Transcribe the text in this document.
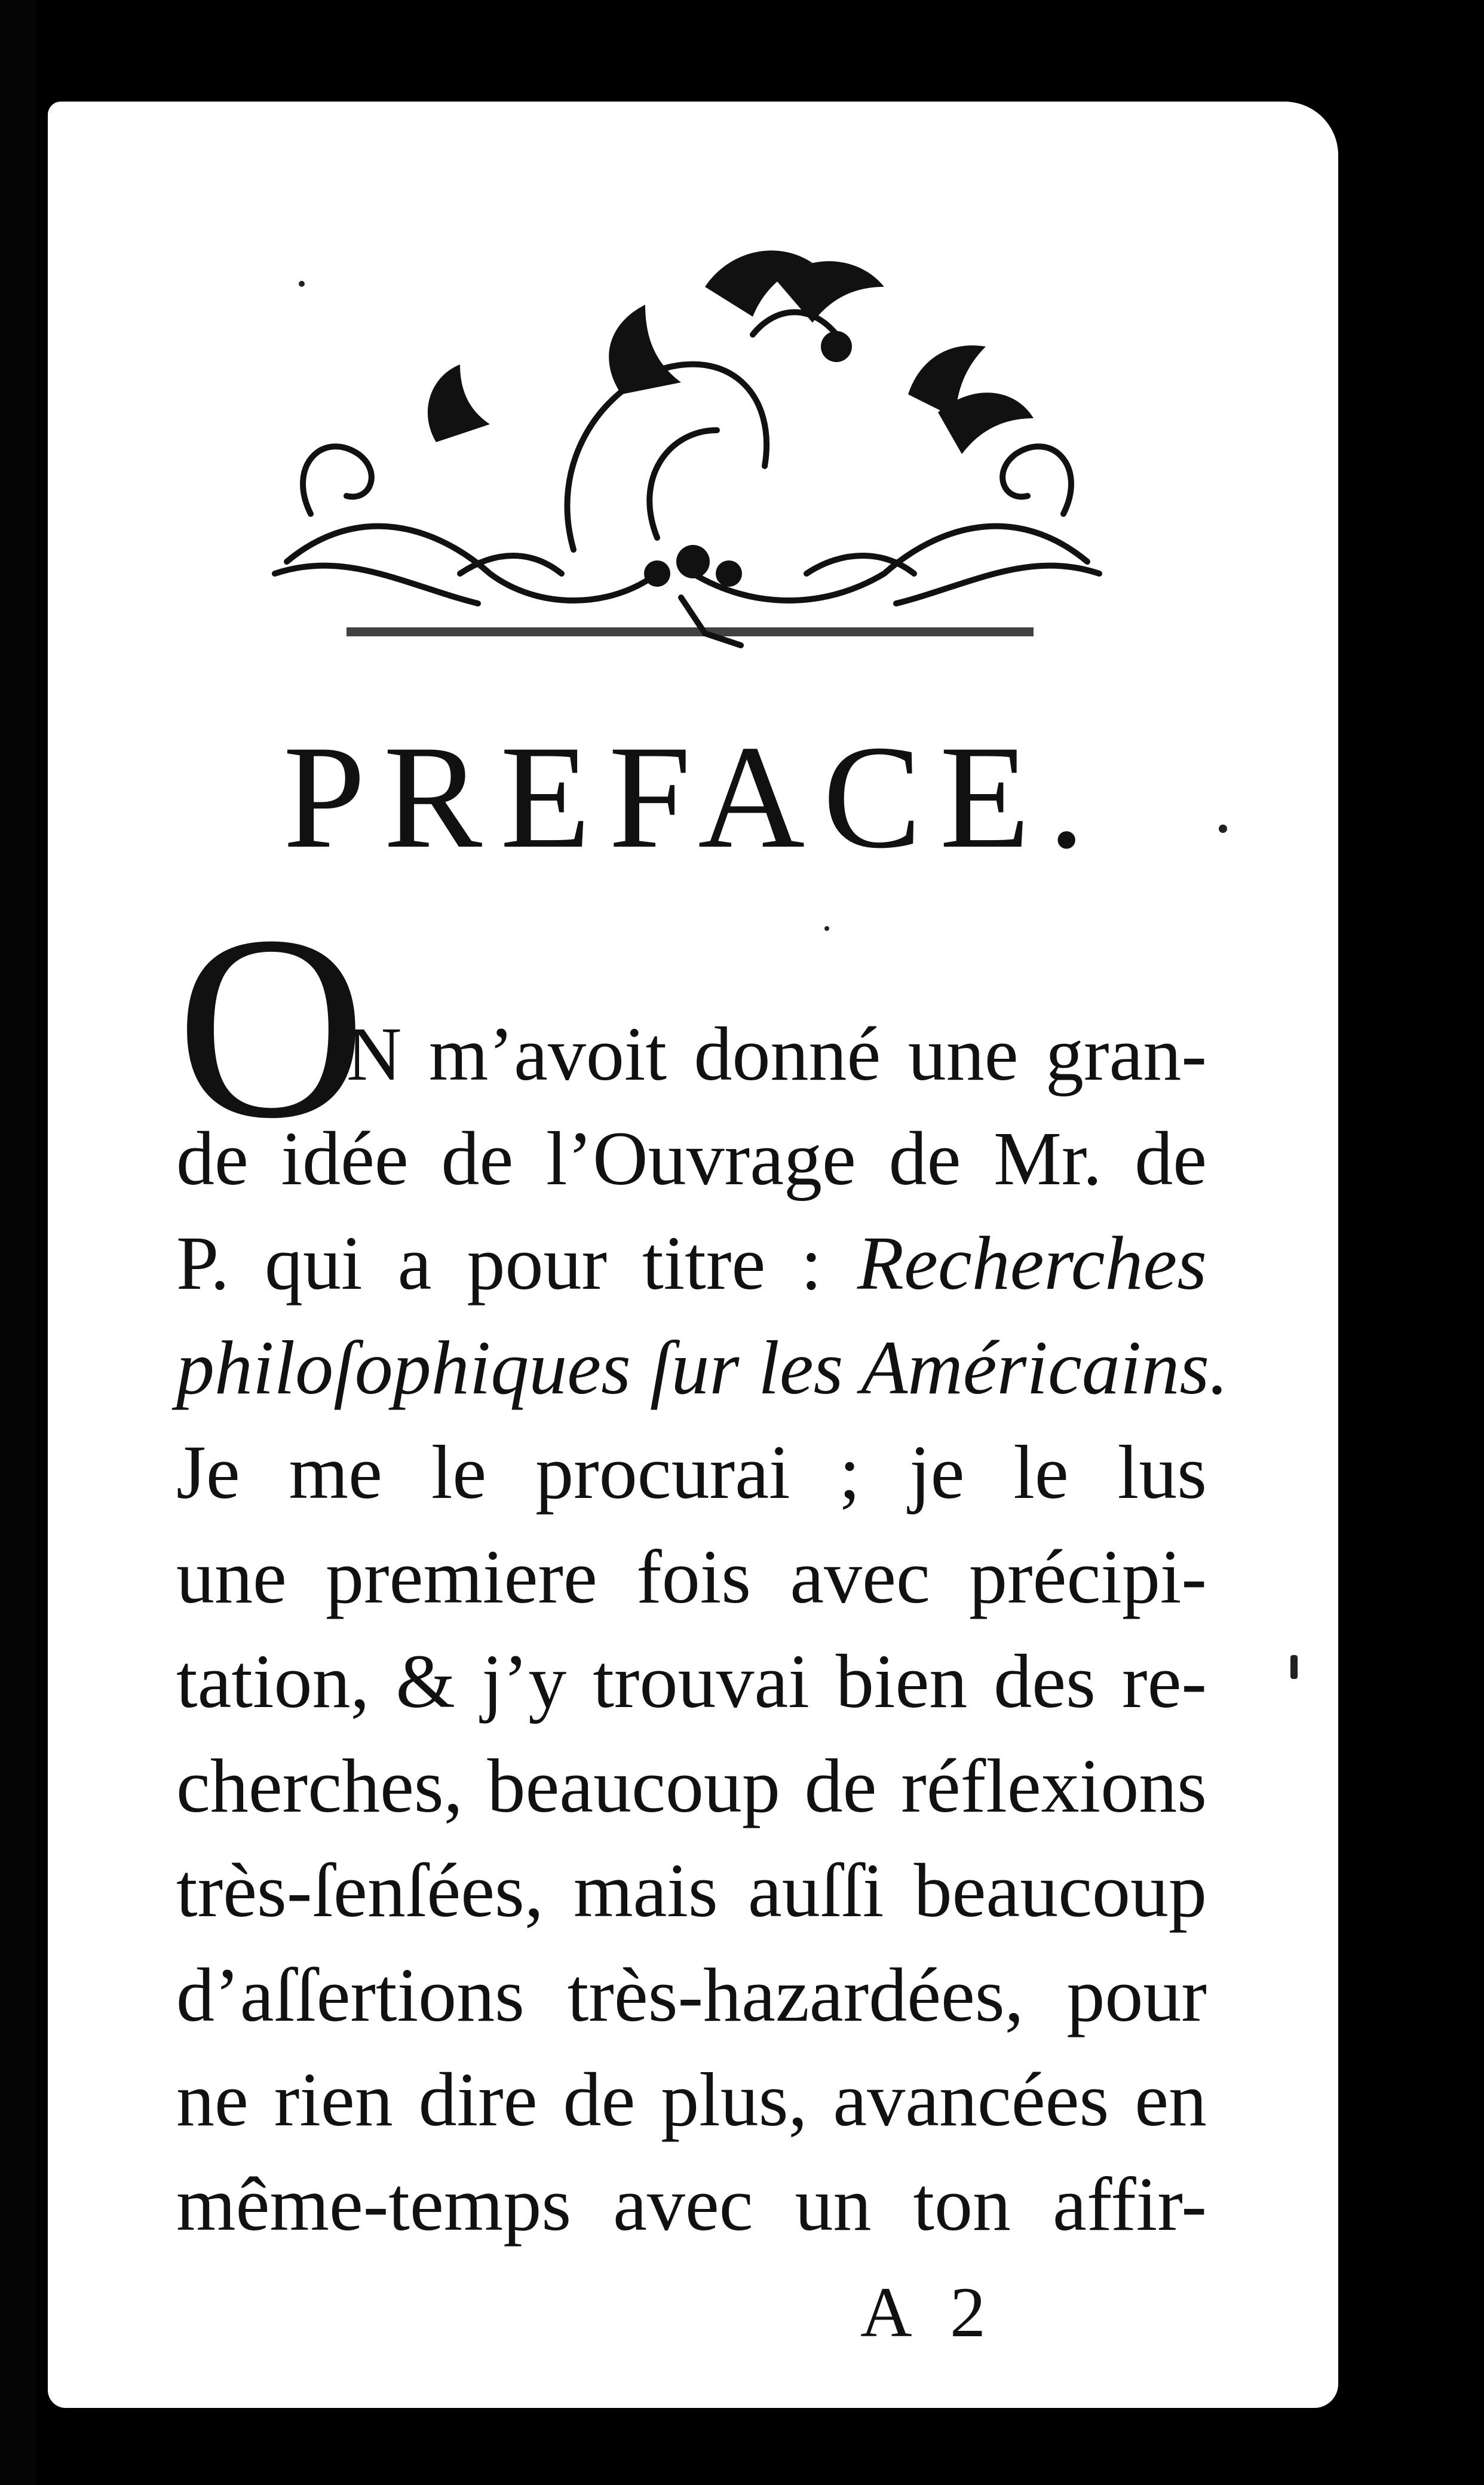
PREFACE.
O
N m’avoit donné une gran-
de idée de l’Ouvrage de Mr. de
P. qui a pour titre : Recherches
philoſophiques ſur les Américains.
Je me le procurai ; je le lus
une premiere fois avec précipi-
tation, & j’y trouvai bien des re-
cherches, beaucoup de réflexions
très-ſenſées, mais auſſi beaucoup
d’aſſertions très-hazardées, pour
ne rien dire de plus, avancées en
même-temps avec un ton affir-
A 2
